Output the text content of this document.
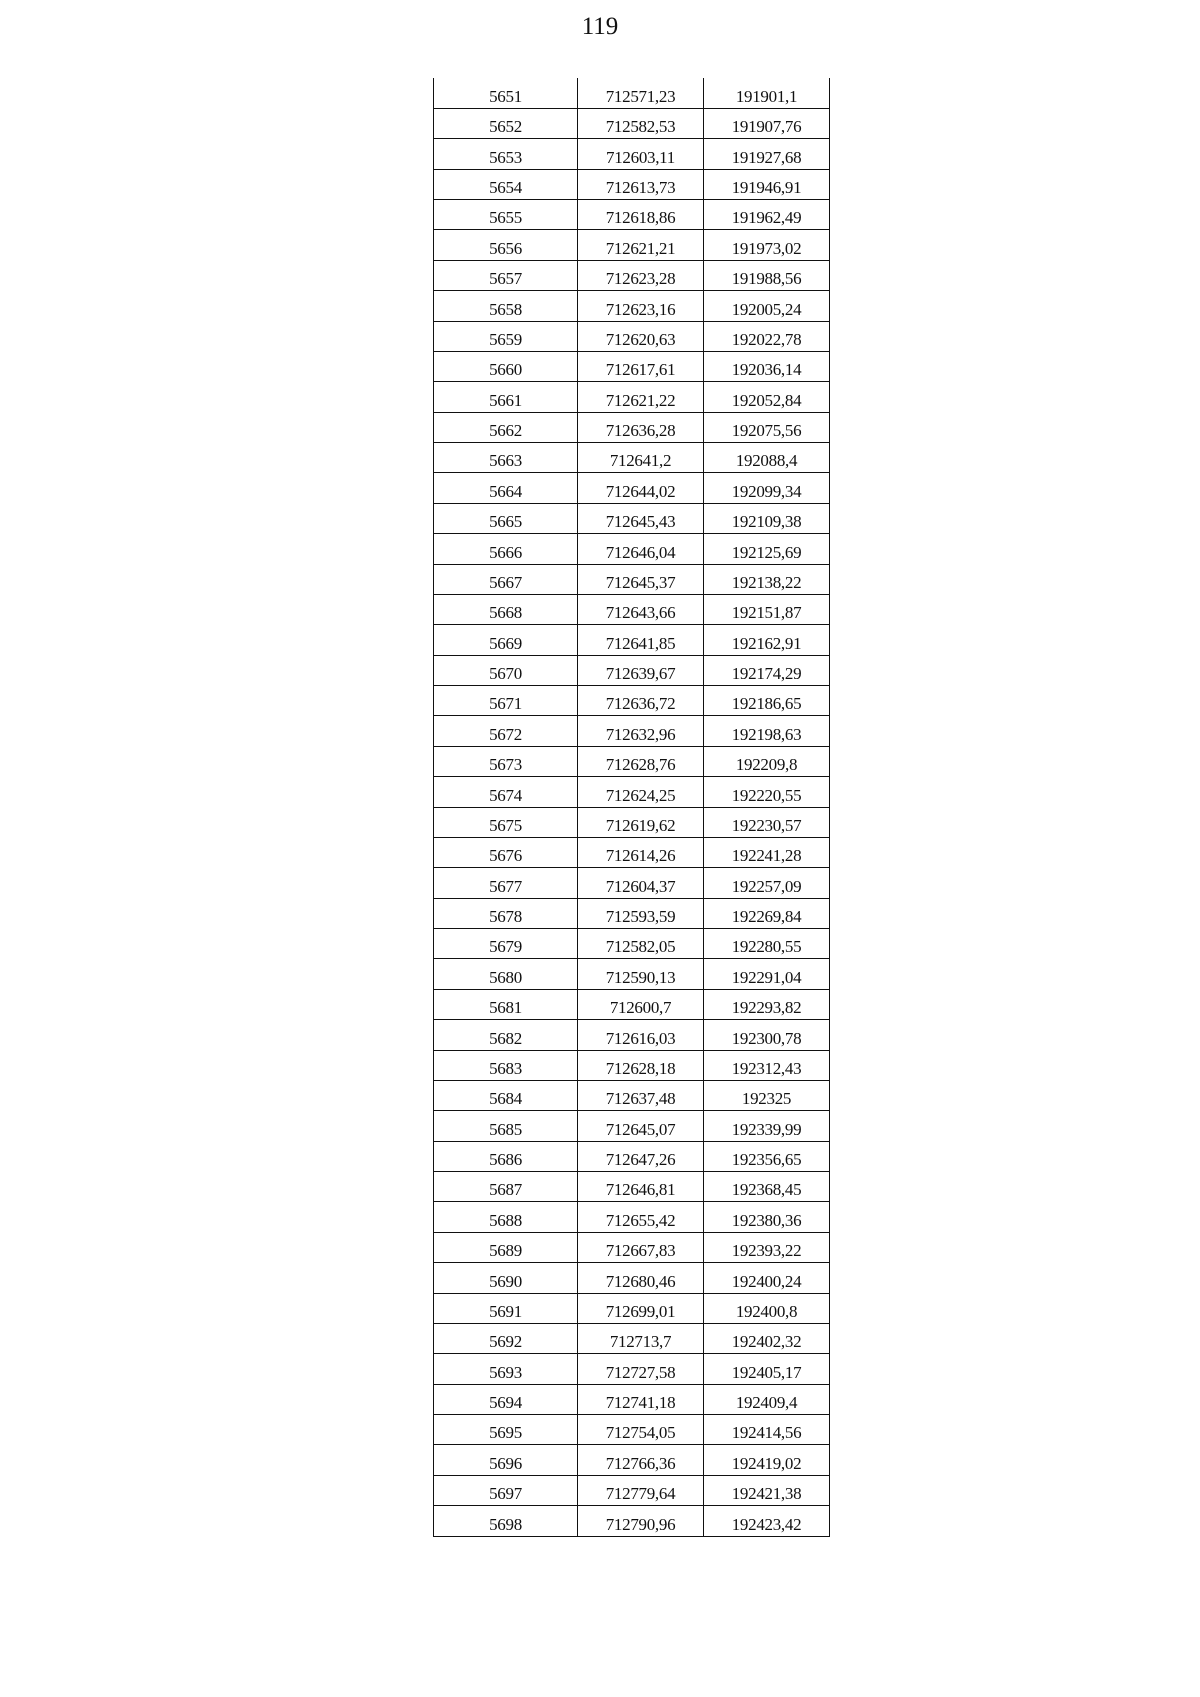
119
5651	712571,23	191901,1
5652	712582,53	191907,76
5653	712603,11	191927,68
5654	712613,73	191946,91
5655	712618,86	191962,49
5656	712621,21	191973,02
5657	712623,28	191988,56
5658	712623,16	192005,24
5659	712620,63	192022,78
5660	712617,61	192036,14
5661	712621,22	192052,84
5662	712636,28	192075,56
5663	712641,2	192088,4
5664	712644,02	192099,34
5665	712645,43	192109,38
5666	712646,04	192125,69
5667	712645,37	192138,22
5668	712643,66	192151,87
5669	712641,85	192162,91
5670	712639,67	192174,29
5671	712636,72	192186,65
5672	712632,96	192198,63
5673	712628,76	192209,8
5674	712624,25	192220,55
5675	712619,62	192230,57
5676	712614,26	192241,28
5677	712604,37	192257,09
5678	712593,59	192269,84
5679	712582,05	192280,55
5680	712590,13	192291,04
5681	712600,7	192293,82
5682	712616,03	192300,78
5683	712628,18	192312,43
5684	712637,48	192325
5685	712645,07	192339,99
5686	712647,26	192356,65
5687	712646,81	192368,45
5688	712655,42	192380,36
5689	712667,83	192393,22
5690	712680,46	192400,24
5691	712699,01	192400,8
5692	712713,7	192402,32
5693	712727,58	192405,17
5694	712741,18	192409,4
5695	712754,05	192414,56
5696	712766,36	192419,02
5697	712779,64	192421,38
5698	712790,96	192423,42
